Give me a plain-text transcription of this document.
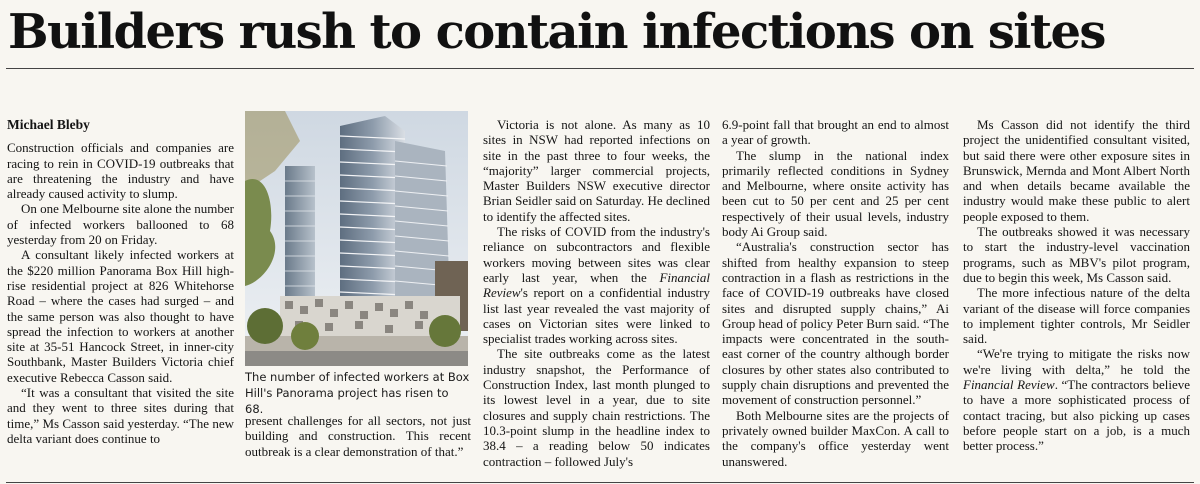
Builders rush to contain infections on sites
Michael Bleby

Construction officials and companies are racing to rein in COVID-19 outbreaks that are threatening the industry and have already caused activity to slump.

On one Melbourne site alone the number of infected workers ballooned to 68 yesterday from 20 on Friday.

A consultant likely infected workers at the $220 million Panorama Box Hill high-rise residential project at 826 Whitehorse Road – where the cases had surged – and the same person was also thought to have spread the infection to workers at another site at 35-51 Hancock Street, in inner-city Southbank, Master Builders Victoria chief executive Rebecca Casson said.

“It was a consultant that visited the site and they went to three sites during that time,” Ms Casson said yesterday. “The new delta variant does continue to

The number of infected workers at Box Hill's Panorama project has risen to 68.

present challenges for all sectors, not just building and construction. This recent outbreak is a clear demonstration of that.”

Victoria is not alone. As many as 10 sites in NSW had reported infections on site in the past three to four weeks, the “majority” larger commercial projects, Master Builders NSW executive director Brian Seidler said on Saturday. He declined to identify the affected sites.

The risks of COVID from the industry's reliance on subcontractors and flexible workers moving between sites was clear early last year, when the Financial Review's report on a confidential industry list last year revealed the vast majority of cases on Victorian sites were linked to specialist trades working across sites.

The site outbreaks come as the latest industry snapshot, the Performance of Construction Index, last month plunged to its lowest level in a year, due to site closures and supply chain restrictions. The 10.3-point slump in the headline index to 38.4 – a reading below 50 indicates contraction – followed July's

6.9-point fall that brought an end to almost a year of growth.

The slump in the national index primarily reflected conditions in Sydney and Melbourne, where onsite activity has been cut to 50 per cent and 25 per cent respectively of their usual levels, industry body Ai Group said.

“Australia's construction sector has shifted from healthy expansion to steep contraction in a flash as restrictions in the face of COVID-19 outbreaks have closed sites and disrupted supply chains,” Ai Group head of policy Peter Burn said. “The impacts were concentrated in the south-east corner of the country although border closures by other states also contributed to supply chain disruptions and prevented the movement of construction personnel.”

Both Melbourne sites are the projects of privately owned builder MaxCon. A call to the company's office yesterday went unanswered.

Ms Casson did not identify the third project the unidentified consultant visited, but said there were other exposure sites in Brunswick, Mernda and Mont Albert North and when details became available the industry would make these public to alert people exposed to them.

The outbreaks showed it was necessary to start the industry-level vaccination programs, such as MBV's pilot program, due to begin this week, Ms Casson said.

The more infectious nature of the delta variant of the disease will force companies to implement tighter controls, Mr Seidler said.

“We're trying to mitigate the risks now we're living with delta,” he told the Financial Review. “The contractors believe to have a more sophisticated process of contact tracing, but also picking up cases before people start on a job, is a much better process.”
